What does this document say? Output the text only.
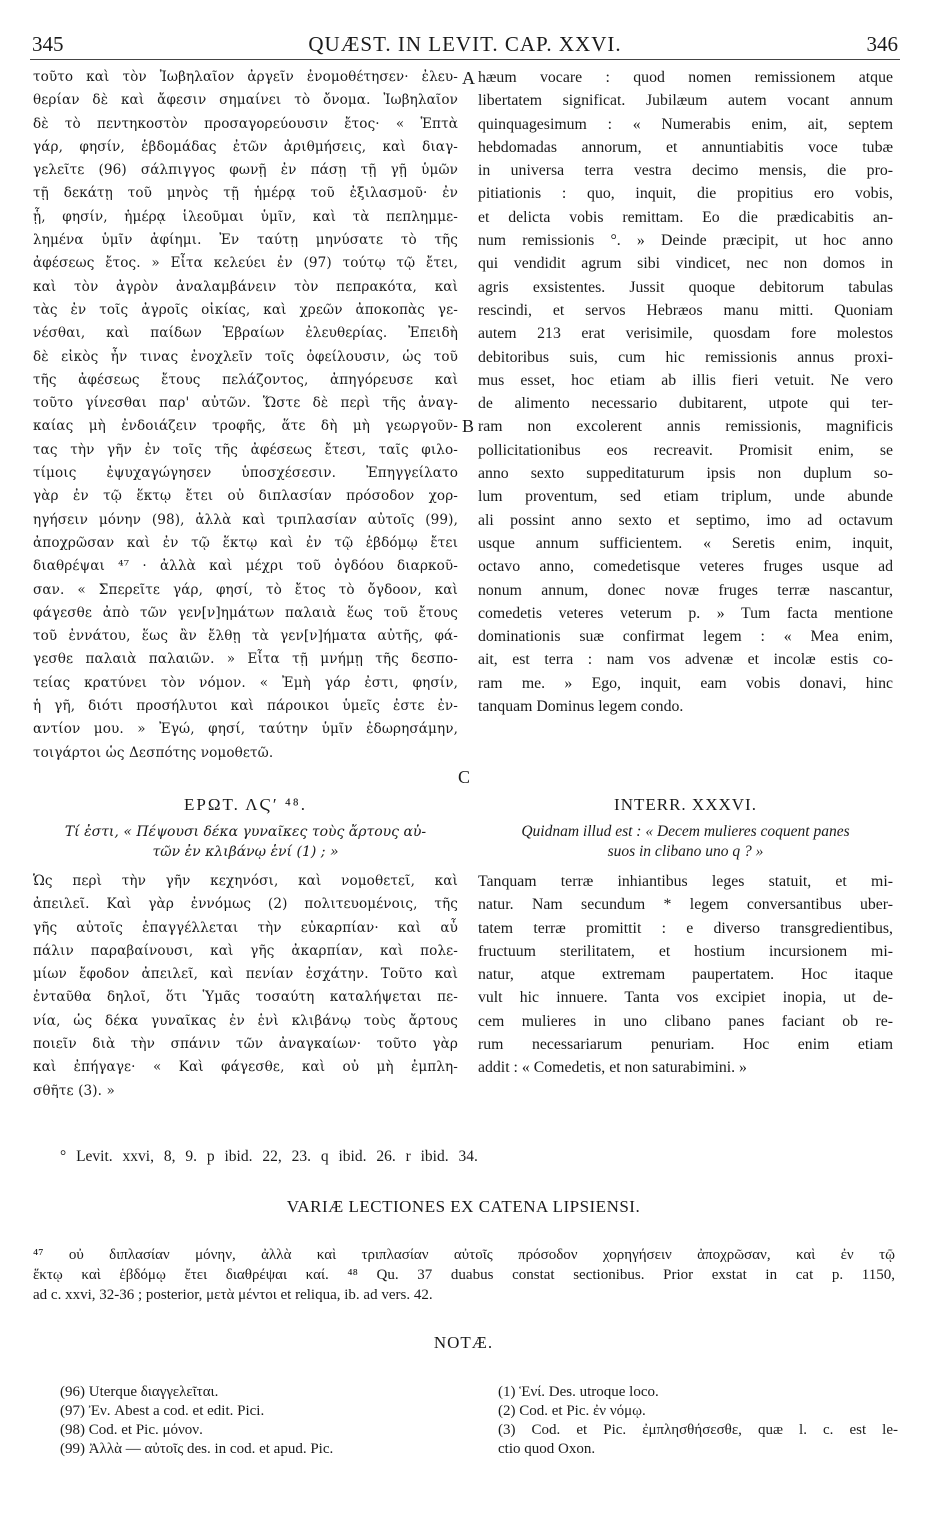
345	QUÆST. IN LEVIT. CAP. XXVI.	346
A
B
C
τοῦτο καὶ τὸν Ἰωβηλαῖον ἀργεῖν ἐνομοθέτησεν· ἐλευ-
θερίαν δὲ καὶ ἄφεσιν σημαίνει τὸ ὄνομα. Ἰωβηλαῖον
δὲ τὸ πεντηκοστὸν προσαγορεύουσιν ἔτος· « Ἑπτὰ
γάρ, φησίν, ἑβδομάδας ἐτῶν ἀριθμήσεις, καὶ διαγ-
γελεῖτε (96) σάλπιγγος φωνῇ ἐν πάσῃ τῇ γῇ ὑμῶν
τῇ δεκάτῃ τοῦ μηνὸς τῇ ἡμέρᾳ τοῦ ἐξιλασμοῦ· ἐν
ᾗ, φησίν, ἡμέρᾳ ἱλεοῦμαι ὑμῖν, καὶ τὰ πεπλημμε-
λημένα ὑμῖν ἀφίημι. Ἐν ταύτῃ μηνύσατε τὸ τῆς
ἀφέσεως ἔτος. » Εἶτα κελεύει ἐν (97) τούτῳ τῷ ἔτει,
καὶ τὸν ἀγρὸν ἀναλαμβάνειν τὸν πεπρακότα, καὶ
τὰς ἐν τοῖς ἀγροῖς οἰκίας, καὶ χρεῶν ἀποκοπὰς γε-
νέσθαι, καὶ παίδων Ἑβραίων ἐλευθερίας. Ἐπειδὴ
δὲ εἰκὸς ἦν τινας ἐνοχλεῖν τοῖς ὀφείλουσιν, ὡς τοῦ
τῆς ἀφέσεως ἔτους πελάζοντος, ἀπηγόρευσε καὶ
τοῦτο γίνεσθαι παρ' αὐτῶν. Ὥστε δὲ περὶ τῆς ἀναγ-
καίας μὴ ἐνδοιάζειν τροφῆς, ἅτε δὴ μὴ γεωργοῦν-
τας τὴν γῆν ἐν τοῖς τῆς ἀφέσεως ἔτεσι, ταῖς φιλο-
τίμοις ἐψυχαγώγησεν ὑποσχέσεσιν. Ἐπηγγείλατο
γὰρ ἐν τῷ ἕκτῳ ἔτει οὐ διπλασίαν πρόσοδον χορ-
ηγήσειν μόνην (98), ἀλλὰ καὶ τριπλασίαν αὐτοῖς (99),
ἀποχρῶσαν καὶ ἐν τῷ ἕκτῳ καὶ ἐν τῷ ἑβδόμῳ ἔτει
διαθρέψαι ⁴⁷ · ἀλλὰ καὶ μέχρι τοῦ ὀγδόου διαρκοῦ-
σαν. « Σπερεῖτε γάρ, φησί, τὸ ἔτος τὸ ὄγδοον, καὶ
φάγεσθε ἀπὸ τῶν γεν[ν]ημάτων παλαιὰ ἕως τοῦ ἔτους
τοῦ ἐννάτου, ἕως ἂν ἔλθῃ τὰ γεν[ν]ήματα αὐτῆς, φά-
γεσθε παλαιὰ παλαιῶν. » Εἶτα τῇ μνήμῃ τῆς δεσπο-
τείας κρατύνει τὸν νόμον. « Ἐμὴ γάρ ἐστι, φησίν,
ἡ γῆ, διότι προσήλυτοι καὶ πάροικοι ὑμεῖς ἐστε ἐν-
αντίον μου. » Ἐγώ, φησί, ταύτην ὑμῖν ἐδωρησάμην,
τοιγάρτοι ὡς Δεσπότης νομοθετῶ.
hæum vocare : quod nomen remissionem atque
libertatem significat. Jubilæum autem vocant annum
quinquagesimum : « Numerabis enim, ait, septem
hebdomadas annorum, et annuntiabitis voce tubæ
in universa terra vestra decimo mensis, die pro-
pitiationis : quo, inquit, die propitius ero vobis,
et delicta vobis remittam. Eo die prædicabitis an-
num remissionis °. » Deinde præcipit, ut hoc anno
qui vendidit agrum sibi vindicet, nec non domos in
agris exsistentes. Jussit quoque debitorum tabulas
rescindi, et servos Hebræos manu mitti. Quoniam
autem 213 erat verisimile, quosdam fore molestos
debitoribus suis, cum hic remissionis annus proxi-
mus esset, hoc etiam ab illis fieri vetuit. Ne vero
de alimento necessario dubitarent, utpote qui ter-
ram non excolerent annis remissionis, magnificis
pollicitationibus eos recreavit. Promisit enim, se
anno sexto suppeditaturum ipsis non duplum so-
lum proventum, sed etiam triplum, unde abunde
ali possint anno sexto et septimo, imo ad octavum
usque annum sufficientem. « Seretis enim, inquit,
octavo anno, comedetisque veteres fruges usque ad
nonum annum, donec novæ fruges terræ nascantur,
comedetis veteres veterum p. » Tum facta mentione
dominationis suæ confirmat legem : « Mea enim,
ait, est terra : nam vos advenæ et incolæ estis co-
ram me. » Ego, inquit, eam vobis donavi, hinc
tanquam Dominus legem condo.
ΕΡΩΤ. ΛϚʹ ⁴⁸.	INTERR. XXXVI.
Τί ἐστι, « Πέψουσι δέκα γυναῖκες τοὺς ἄρτους αὐ-
τῶν ἐν κλιβάνῳ ἑνί (1) ; »
Quidnam illud est : « Decem mulieres coquent panes
suos in clibano uno q ? »
Ὡς περὶ τὴν γῆν κεχηνόσι, καὶ νομοθετεῖ, καὶ
ἀπειλεῖ. Καὶ γὰρ ἐννόμως (2) πολιτευομένοις, τῆς
γῆς αὐτοῖς ἐπαγγέλλεται τὴν εὐκαρπίαν· καὶ αὖ
πάλιν παραβαίνουσι, καὶ γῆς ἀκαρπίαν, καὶ πολε-
μίων ἔφοδον ἀπειλεῖ, καὶ πενίαν ἐσχάτην. Τοῦτο καὶ
ἐνταῦθα δηλοῖ, ὅτι Ὑμᾶς τοσαύτη καταλήψεται πε-
νία, ὡς δέκα γυναῖκας ἐν ἑνὶ κλιβάνῳ τοὺς ἄρτους
ποιεῖν διὰ τὴν σπάνιν τῶν ἀναγκαίων· τοῦτο γὰρ
καὶ ἐπήγαγε· « Καὶ φάγεσθε, καὶ οὐ μὴ ἐμπλη-
σθῆτε (3). »
Tanquam terræ inhiantibus leges statuit, et mi-
natur. Nam secundum * legem conversantibus uber-
tatem terræ promittit : e diverso transgredientibus,
fructuum sterilitatem, et hostium incursionem mi-
natur, atque extremam paupertatem. Hoc itaque
vult hic innuere. Tanta vos excipiet inopia, ut de-
cem mulieres in uno clibano panes faciant ob re-
rum necessariarum penuriam. Hoc enim etiam
addit : « Comedetis, et non saturabimini. »
° Levit. xxvi, 8, 9. p ibid. 22, 23. q ibid. 26. r ibid. 34.
VARIÆ LECTIONES EX CATENA LIPSIENSI.
⁴⁷ οὐ διπλασίαν μόνην, ἀλλὰ καὶ τριπλασίαν αὐτοῖς πρόσοδον χορηγήσειν ἀποχρῶσαν, καὶ ἐν τῷ
ἕκτῳ καὶ ἑβδόμῳ ἔτει διαθρέψαι καί. ⁴⁸ Qu. 37 duabus constat sectionibus. Prior exstat in cat p. 1150,
ad c. xxvi, 32-36 ; posterior, μετὰ μέντοι et reliqua, ib. ad vers. 42.
NOTÆ.
(96) Uterque διαγγελεῖται.
(97) Ἐν. Abest a cod. et edit. Pici.
(98) Cod. et Pic. μόνον.
(99) Ἀλλὰ — αὐτοῖς des. in cod. et apud. Pic.
(1) Ἑνί. Des. utroque loco.
(2) Cod. et Pic. ἐν νόμῳ.
(3) Cod. et Pic. ἐμπλησθήσεσθε, quæ l. c. est le-
ctio quod Oxon.
